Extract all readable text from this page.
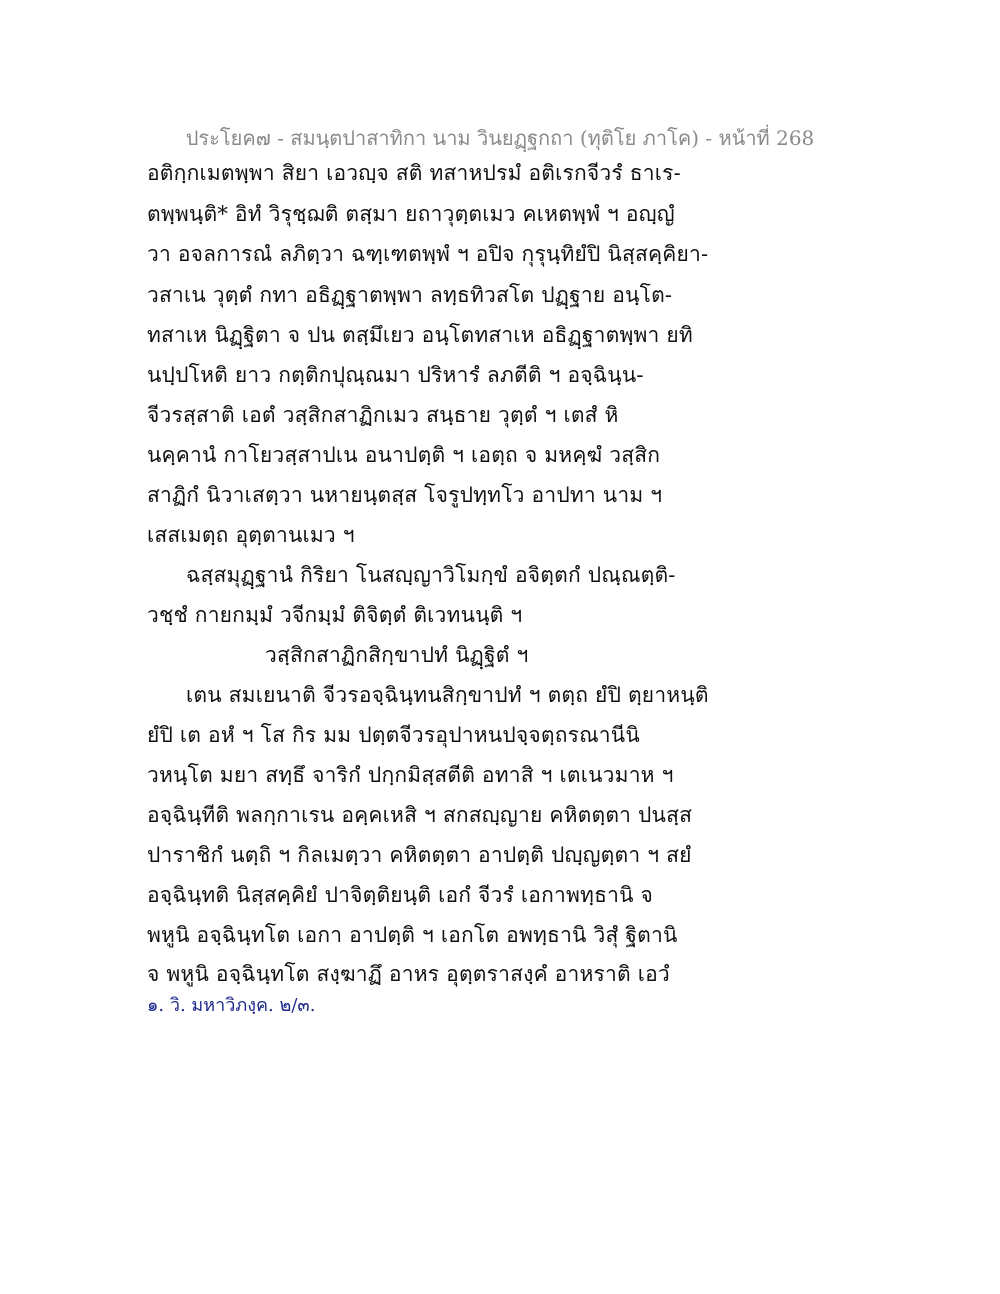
ประโยค๗ - สมนฺตปาสาทิกา นาม วินยฏฺฐกถา (ทุติโย ภาโค) - หน้าที่ 268
อติกฺกเมตพฺพา สิยา เอวญฺจ สติ ทสาหปรมํ อติเรกจีวรํ ธาเร-
ตพฺพนฺติ* อิทํ วิรุชฺฌติ ตสฺมา ยถาวุตฺตเมว คเหตพฺพํ ฯ อญฺญํ
วา อจลการณํ ลภิตฺวา ฉฑฺเฑตพฺพํ ฯ อปิจ กุรุนฺทิยํปิ นิสฺสคฺคิยา-
วสาเน วุตฺตํ กทา อธิฏฺฐาตพฺพา ลทฺธทิวสโต ปฏฺฐาย อนฺโต-
ทสาเห นิฏฺฐิตา จ ปน ตสฺมึเยว อนฺโตทสาเห อธิฏฺฐาตพฺพา ยทิ
นปฺปโหติ ยาว กตฺติกปุณฺณมา ปริหารํ ลภตีติ ฯ อจฺฉินฺน-
จีวรสฺสาติ เอตํ วสฺสิกสาฏิกเมว สนฺธาย วุตฺตํ ฯ เตสํ หิ
นคฺคานํ กาโยวสฺสาปเน อนาปตฺติ ฯ เอตฺถ จ มหคฺฆํ วสฺสิก
สาฏิกํ นิวาเสตฺวา นหายนฺตสฺส โจรูปทฺทโว อาปทา นาม ฯ
เสสเมตฺถ อุตฺตานเมว ฯ
ฉสฺสมุฏฺฐานํ กิริยา โนสญฺญาวิโมกฺขํ อจิตฺตกํ ปณฺณตฺติ-
วชฺชํ กายกมฺมํ วจีกมฺมํ ติจิตฺตํ ติเวทนนฺติ ฯ
วสฺสิกสาฏิกสิกฺขาปทํ นิฏฺฐิตํ ฯ
เตน สมเยนาติ จีวรอจฺฉินฺทนสิกฺขาปทํ ฯ ตตฺถ ยํปิ ตฺยาหนฺติ
ยํปิ เต อหํ ฯ โส กิร มม ปตฺตจีวรอุปาหนปจฺจตฺถรณานีนิ
วหนฺโต มยา สทฺธึ จาริกํ ปกฺกมิสฺสตีติ อทาสิ ฯ เตเนวมาห ฯ
อจฺฉินฺทีติ พลกฺกาเรน อคฺคเหสิ ฯ สกสญฺญาย คหิตตฺตา ปนสฺส
ปาราชิกํ นตฺถิ ฯ กิลเมตฺวา คหิตตฺตา อาปตฺติ ปญฺญตฺตา ฯ สยํ
อจฺฉินฺทติ นิสฺสคฺคิยํ ปาจิตฺติยนฺติ เอกํ จีวรํ เอกาพทฺธานิ จ
พหูนิ อจฺฉินฺทโต เอกา อาปตฺติ ฯ เอกโต อพทฺธานิ วิสุํ ฐิตานิ
จ พหูนิ อจฺฉินฺทโต สงฺฆาฏึ อาหร อุตฺตราสงฺคํ อาหราติ เอวํ
๑. วิ. มหาวิภงฺค. ๒/๓.
